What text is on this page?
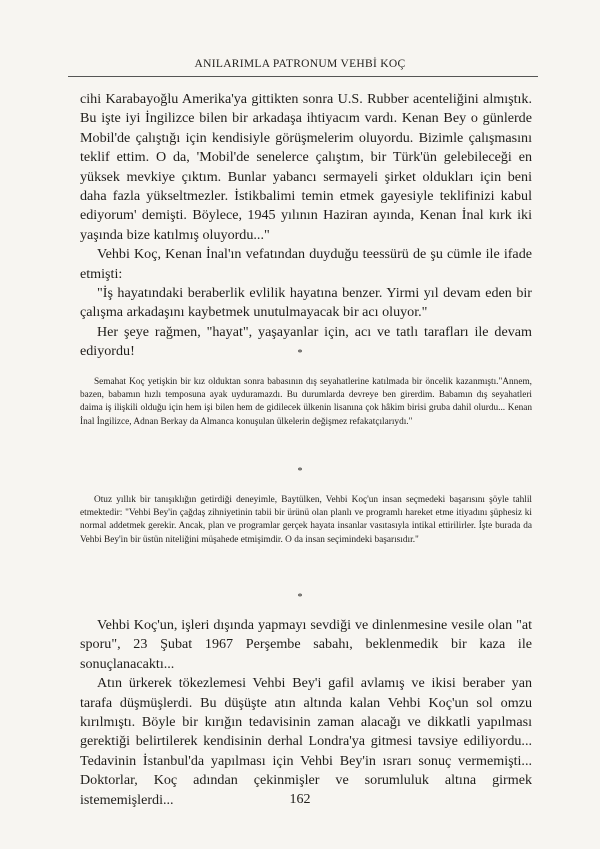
ANILARIMLA PATRONUM VEHBİ KOÇ

cihi Karabayoğlu Amerika'ya gittikten sonra U.S. Rubber acenteliğini almıştık. Bu işte iyi İngilizce bilen bir arkadaşa ihtiyacım vardı. Kenan Bey o günlerde Mobil'de çalıştığı için kendisiyle görüşmelerim oluyordu. Bizimle çalışmasını teklif ettim. O da, 'Mobil'de senelerce çalıştım, bir Türk'ün gelebileceği en yüksek mevkiye çıktım. Bunlar yabancı sermayeli şirket oldukları için beni daha fazla yükseltmezler. İstikbalimi temin etmek gayesiyle teklifinizi kabul ediyorum' demişti. Böylece, 1945 yılının Haziran ayında, Kenan İnal kırk iki yaşında bize katılmış oluyordu..."

Vehbi Koç, Kenan İnal'ın vefatından duyduğu teessürü de şu cümle ile ifade etmişti:

"İş hayatındaki beraberlik evlilik hayatına benzer. Yirmi yıl devam eden bir çalışma arkadaşını kaybetmek unutulmayacak bir acı oluyor."

Her şeye rağmen, "hayat", yaşayanlar için, acı ve tatlı tarafları ile devam ediyordu!	*

Semahat Koç yetişkin bir kız olduktan sonra babasının dış seyahatlerine katılmada bir öncelik kazanmıştı."Annem, bazen, babamın hızlı temposuna ayak uyduramazdı. Bu durumlarda devreye ben girerdim. Babamın dış seyahatleri daima iş ilişkili olduğu için hem işi bilen hem de gidilecek ülkenin lisanına çok hâkim birisi gruba dahil olurdu... Kenan İnal İngilizce, Adnan Berkay da Almanca konuşulan ülkelerin değişmez refakatçılarıydı."

*

Otuz yıllık bir tanışıklığın getirdiği deneyimle, Baytülken, Vehbi Koç'un insan seçmedeki başarısını şöyle tahlil etmektedir: "Vehbi Bey'in çağdaş zihniyetinin tabii bir ürünü olan planlı ve programlı hareket etme itiyadını şüphesiz ki normal addetmek gerekir. Ancak, plan ve programlar gerçek hayata insanlar vasıtasıyla intikal ettirilirler. İşte burada da Vehbi Bey'in bir üstün niteliğini müşahede etmişimdir. O da insan seçimindeki başarısıdır."

*

Vehbi Koç'un, işleri dışında yapmayı sevdiği ve dinlenmesine vesile olan "at sporu", 23 Şubat 1967 Perşembe sabahı, beklenmedik bir kaza ile sonuçlanacaktı...

Atın ürkerek tökezlemesi Vehbi Bey'i gafil avlamış ve ikisi beraber yan tarafa düşmüşlerdi. Bu düşüşte atın altında kalan Vehbi Koç'un sol omzu kırılmıştı. Böyle bir kırığın tedavisinin zaman alacağı ve dikkatli yapılması gerektiği belirtilerek kendisinin derhal Londra'ya gitmesi tavsiye ediliyordu... Tedavinin İstanbul'da yapılması için Vehbi Bey'in ısrarı sonuç vermemişti... Doktorlar, Koç adından çekinmişler ve sorumluluk altına girmek istememişlerdi...	162
